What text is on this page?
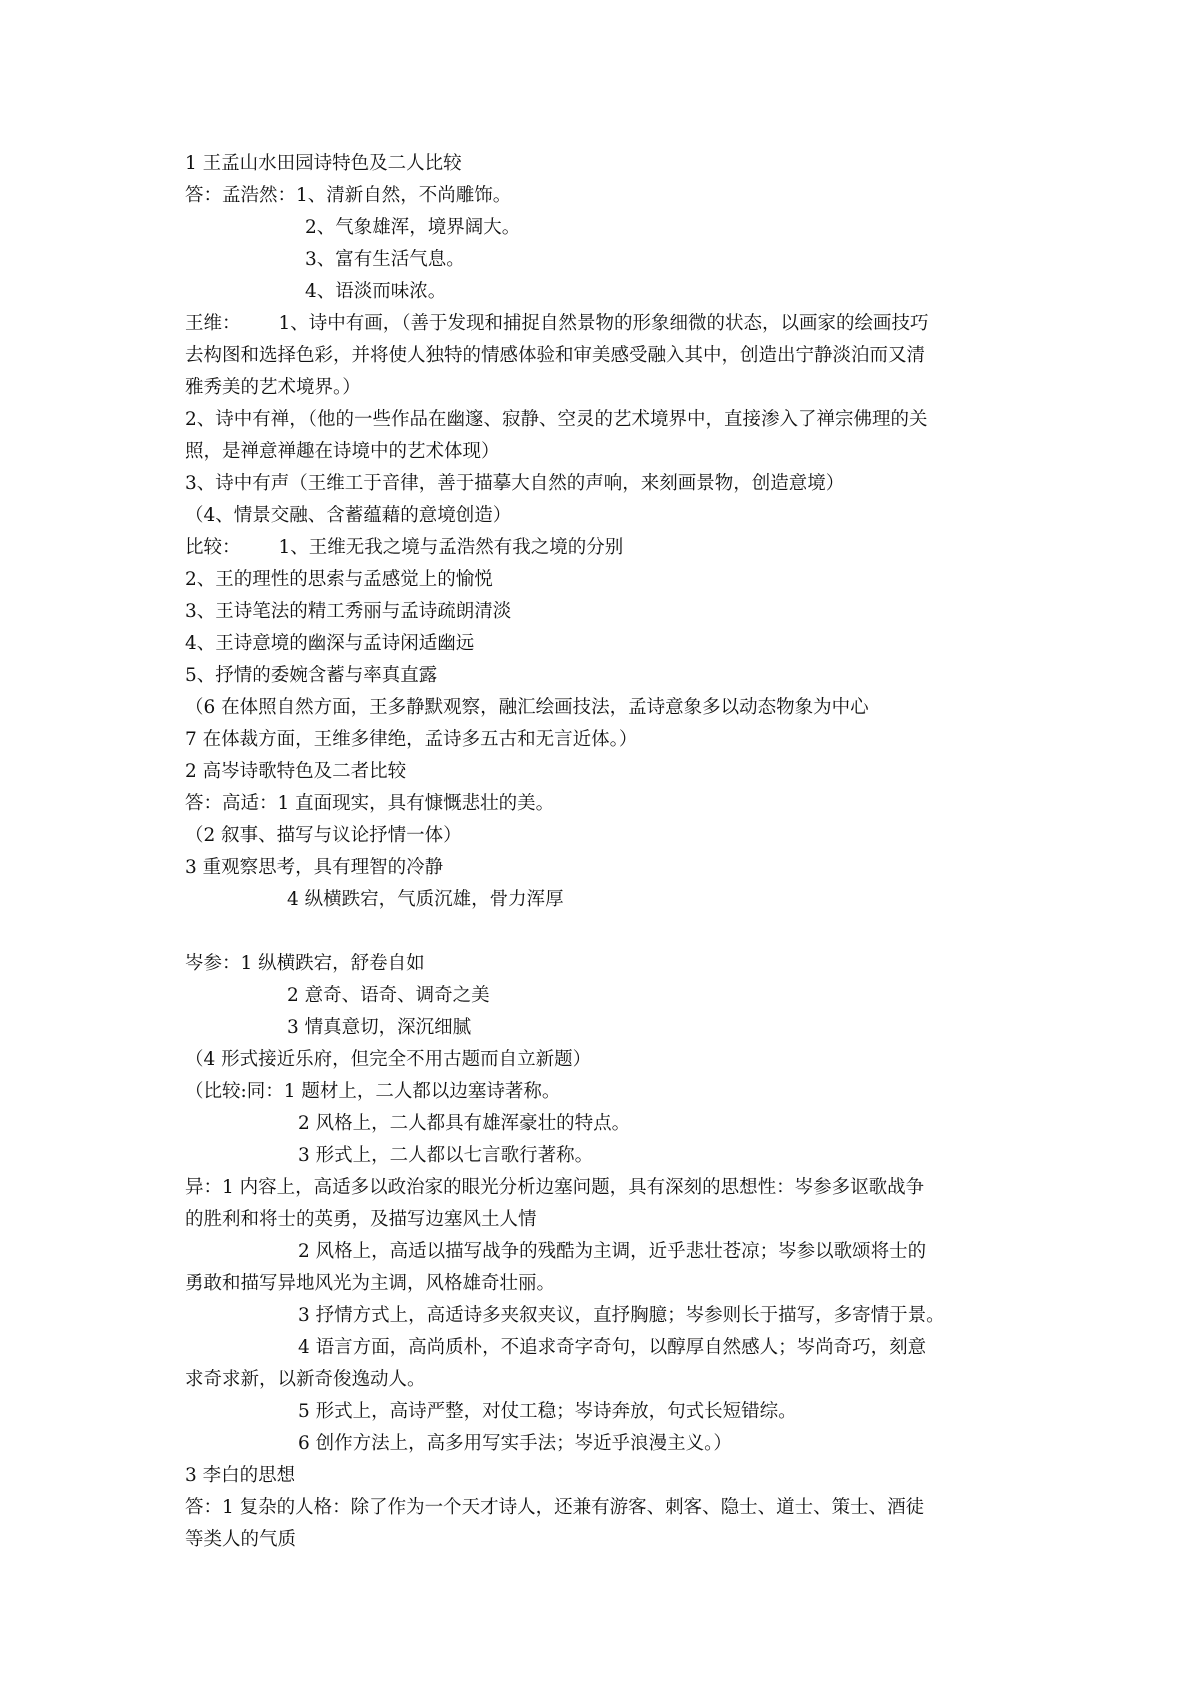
1 王孟山水田园诗特色及二人比较
答：孟浩然：1、清新自然，不尚雕饰。
2、气象雄浑，境界阔大。
3、富有生活气息。
4、语淡而味浓。
王维： 1、诗中有画，（善于发现和捕捉自然景物的形象细微的状态，以画家的绘画技巧
去构图和选择色彩，并将使人独特的情感体验和审美感受融入其中，创造出宁静淡泊而又清
雅秀美的艺术境界。）
2、诗中有禅，（他的一些作品在幽邃、寂静、空灵的艺术境界中，直接渗入了禅宗佛理的关
照，是禅意禅趣在诗境中的艺术体现）
3、诗中有声（王维工于音律，善于描摹大自然的声响，来刻画景物，创造意境）
（4、情景交融、含蓄蕴藉的意境创造）
比较： 1、王维无我之境与孟浩然有我之境的分别
2、王的理性的思索与孟感觉上的愉悦
3、王诗笔法的精工秀丽与孟诗疏朗清淡
4、王诗意境的幽深与孟诗闲适幽远
5、抒情的委婉含蓄与率真直露
（6 在体照自然方面，王多静默观察，融汇绘画技法，孟诗意象多以动态物象为中心
7 在体裁方面，王维多律绝，孟诗多五古和无言近体。）
2 高岑诗歌特色及二者比较
答：高适：1 直面现实，具有慷慨悲壮的美。
（2 叙事、描写与议论抒情一体）
3 重观察思考，具有理智的冷静
4 纵横跌宕，气质沉雄，骨力浑厚
岑参：1 纵横跌宕，舒卷自如
2 意奇、语奇、调奇之美
3 情真意切，深沉细腻
（4 形式接近乐府，但完全不用古题而自立新题）
（比较:同：1 题材上，二人都以边塞诗著称。
2 风格上，二人都具有雄浑豪壮的特点。
3 形式上，二人都以七言歌行著称。
异：1 内容上，高适多以政治家的眼光分析边塞问题，具有深刻的思想性：岑参多讴歌战争
的胜利和将士的英勇，及描写边塞风土人情
2 风格上，高适以描写战争的残酷为主调，近乎悲壮苍凉；岑参以歌颂将士的
勇敢和描写异地风光为主调，风格雄奇壮丽。
3 抒情方式上，高适诗多夹叙夹议，直抒胸臆；岑参则长于描写，多寄情于景。
4 语言方面，高尚质朴，不追求奇字奇句，以醇厚自然感人；岑尚奇巧，刻意
求奇求新，以新奇俊逸动人。
5 形式上，高诗严整，对仗工稳；岑诗奔放，句式长短错综。
6 创作方法上，高多用写实手法；岑近乎浪漫主义。）
3 李白的思想
答：1 复杂的人格：除了作为一个天才诗人，还兼有游客、刺客、隐士、道士、策士、酒徒
等类人的气质
